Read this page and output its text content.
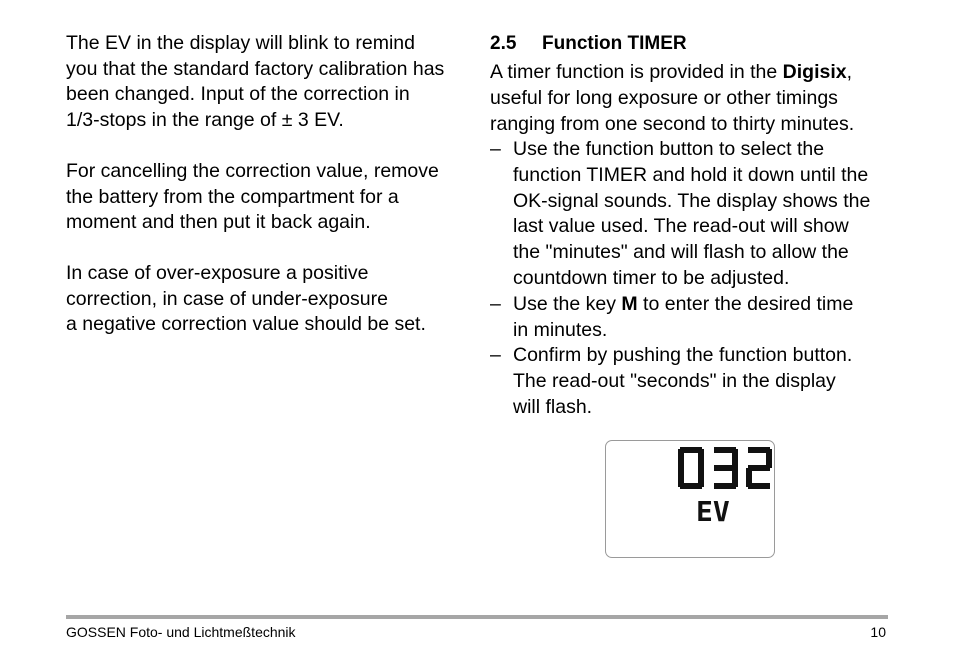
The EV in the display will blink to remind
you that the standard factory calibration has
been changed. Input of the correction in
1/3-stops in the range of ± 3 EV.

For cancelling the correction value, remove
the battery from the compartment for a
moment and then put it back again.

In case of over-exposure a positive
correction, in case of under-exposure
a negative correction value should be set.

2.5 Function TIMER

A timer function is provided in the Digisix,
useful for long exposure or other timings
ranging from one second to thirty minutes.

– Use the function button to select the
function TIMER and hold it down until the
OK-signal sounds. The display shows the
last value used. The read-out will show
the "minutes" and will flash to allow the
countdown timer to be adjusted.
– Use the key M to enter the desired time
in minutes.
– Confirm by pushing the function button.
The read-out "seconds" in the display
will flash.
EV
GOSSEN Foto- und Lichtmeßtechnik	10
